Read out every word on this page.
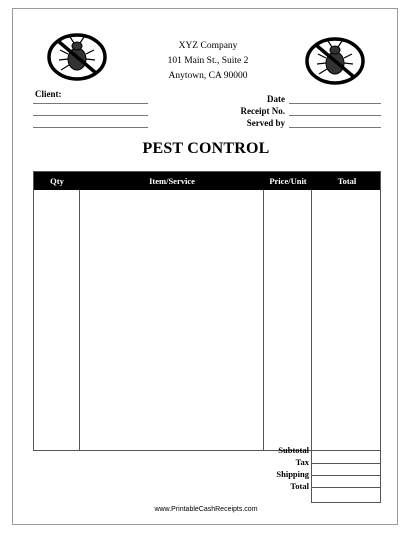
XYZ Company
101 Main St., Suite 2
Anytown, CA 90000
Client:	Date
Receipt No.
Served by
PEST CONTROL
Qty	Item/Service	Price/Unit	Total
Subtotal
Tax
Shipping
Total
www.PrintableCashReceipts.com
